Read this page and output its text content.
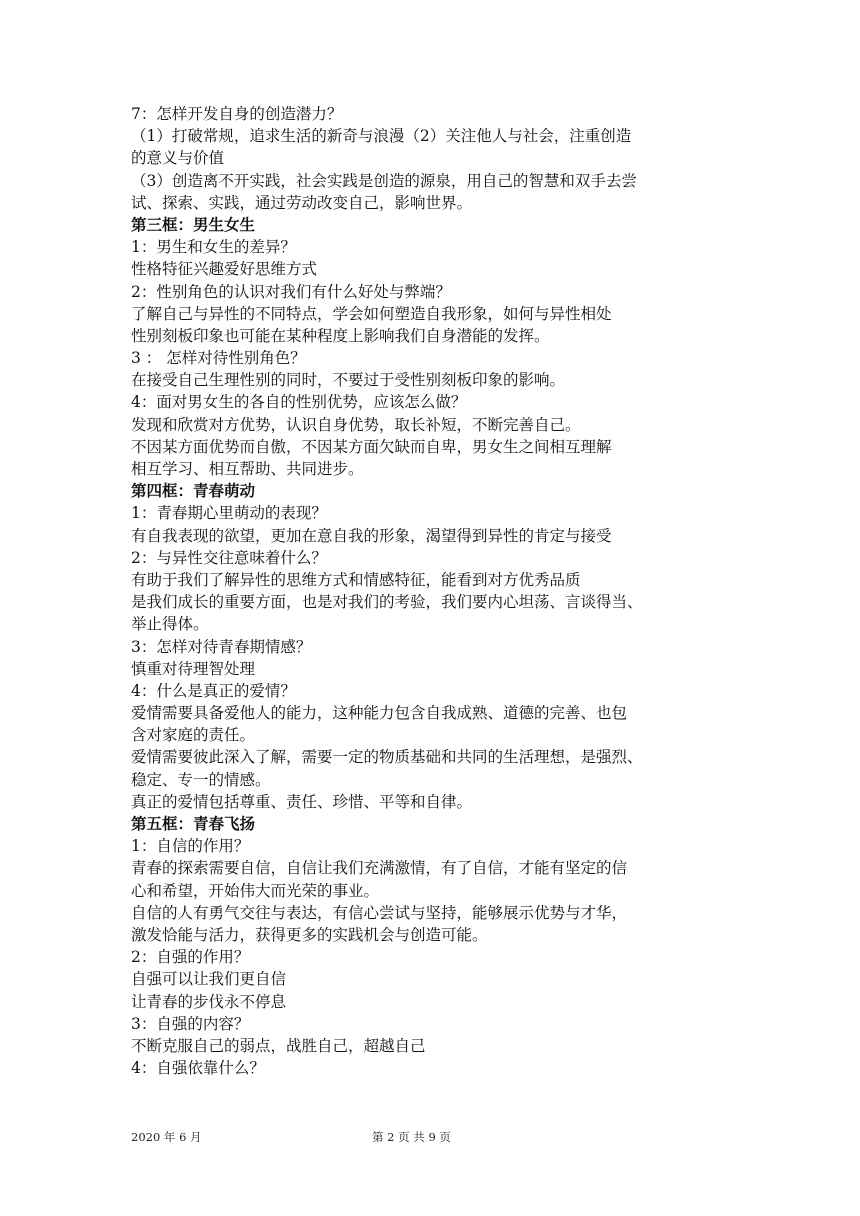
7：怎样开发自身的创造潜力？
（1）打破常规，追求生活的新奇与浪漫（2）关注他人与社会，注重创造
的意义与价值
（3）创造离不开实践，社会实践是创造的源泉，用自己的智慧和双手去尝
试、探索、实践，通过劳动改变自己，影响世界。
第三框：男生女生
1：男生和女生的差异？
性格特征兴趣爱好思维方式
2：性别角色的认识对我们有什么好处与弊端？
了解自己与异性的不同特点，学会如何塑造自我形象，如何与异性相处
性别刻板印象也可能在某种程度上影响我们自身潜能的发挥。
3 ： 怎样对待性别角色？
在接受自己生理性别的同时，不要过于受性别刻板印象的影响。
4：面对男女生的各自的性别优势，应该怎么做？
发现和欣赏对方优势，认识自身优势，取长补短，不断完善自己。
不因某方面优势而自傲，不因某方面欠缺而自卑，男女生之间相互理解
相互学习、相互帮助、共同进步。
第四框：青春萌动
1：青春期心里萌动的表现？
有自我表现的欲望，更加在意自我的形象，渴望得到异性的肯定与接受
2：与异性交往意味着什么？
有助于我们了解异性的思维方式和情感特征，能看到对方优秀品质
是我们成长的重要方面，也是对我们的考验，我们要内心坦荡、言谈得当、
举止得体。
3：怎样对待青春期情感？
慎重对待理智处理
4：什么是真正的爱情？
爱情需要具备爱他人的能力，这种能力包含自我成熟、道德的完善、也包
含对家庭的责任。
爱情需要彼此深入了解，需要一定的物质基础和共同的生活理想，是强烈、
稳定、专一的情感。
真正的爱情包括尊重、责任、珍惜、平等和自律。
第五框：青春飞扬
1：自信的作用？
青春的探索需要自信，自信让我们充满激情，有了自信，才能有坚定的信
心和希望，开始伟大而光荣的事业。
自信的人有勇气交往与表达，有信心尝试与坚持，能够展示优势与才华，
激发恰能与活力，获得更多的实践机会与创造可能。
2：自强的作用？
自强可以让我们更自信
让青春的步伐永不停息
3：自强的内容？
不断克服自己的弱点，战胜自己，超越自己
4：自强依靠什么？
2020 年 6 月	第 2 页 共 9 页
